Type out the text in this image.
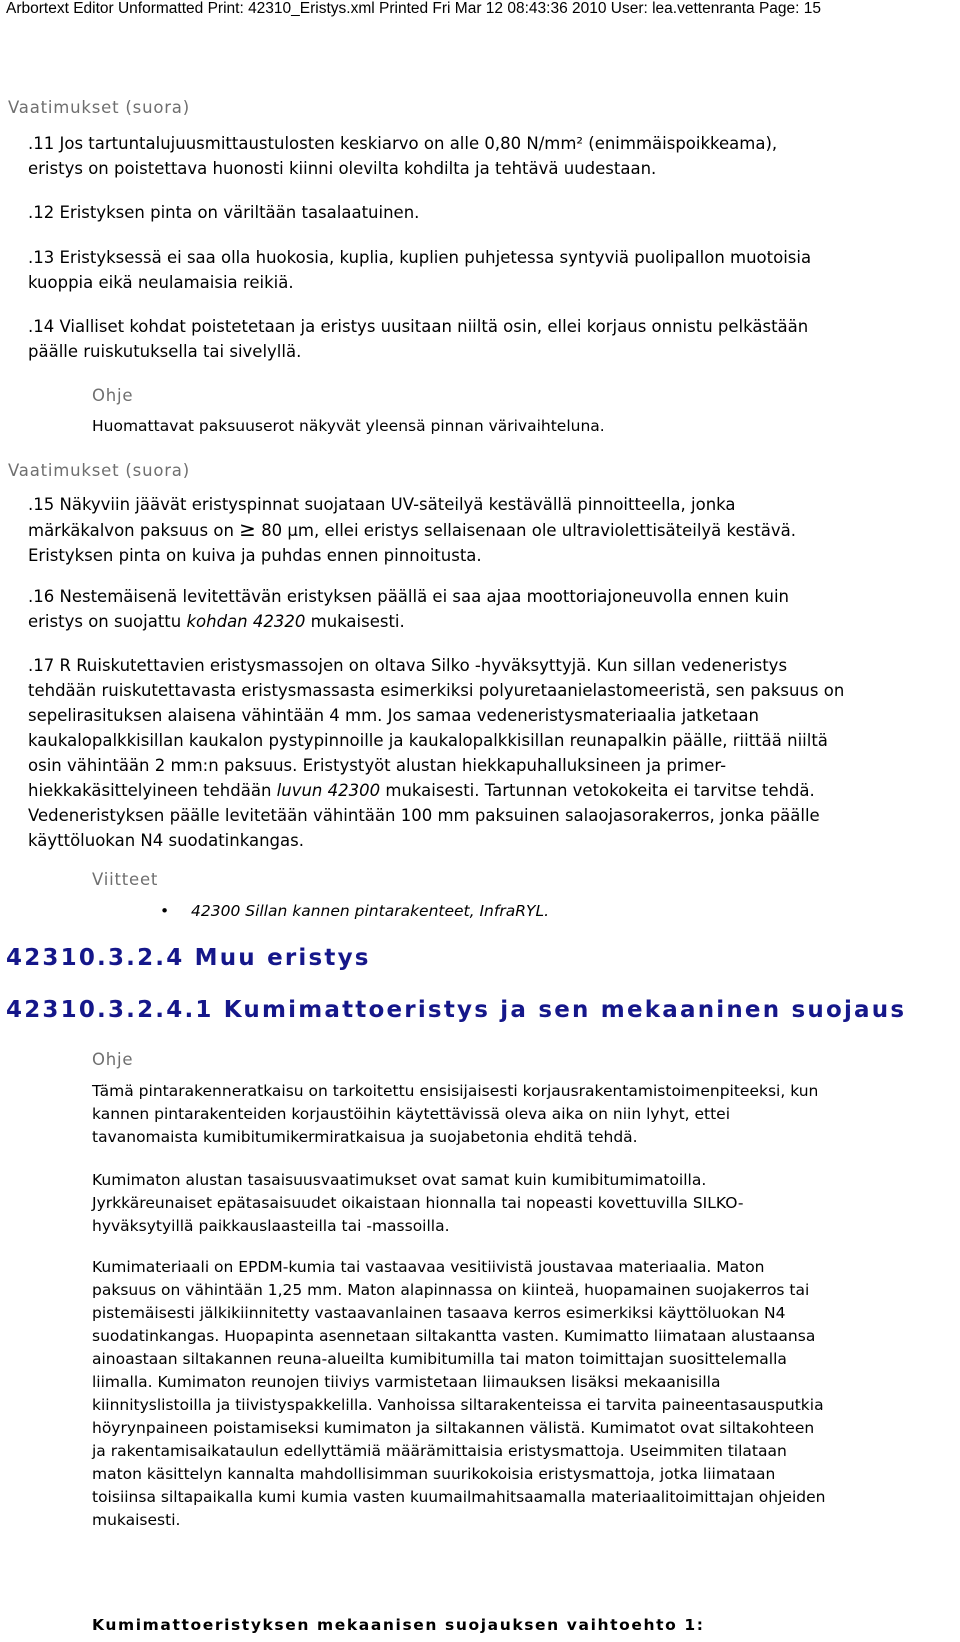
Arbortext Editor Unformatted Print: 42310_Eristys.xml Printed Fri Mar 12 08:43:36 2010 User: lea.vettenranta Page: 15
Vaatimukset (suora)
.11 Jos tartuntalujuusmittaustulosten keskiarvo on alle 0,80 N/mm² (enimmäispoikkeama),
eristys on poistettava huonosti kiinni olevilta kohdilta ja tehtävä uudestaan.
.12 Eristyksen pinta on väriltään tasalaatuinen.
.13 Eristyksessä ei saa olla huokosia, kuplia, kuplien puhjetessa syntyviä puolipallon muotoisia
kuoppia eikä neulamaisia reikiä.
.14 Vialliset kohdat poistetetaan ja eristys uusitaan niiltä osin, ellei korjaus onnistu pelkästään
päälle ruiskutuksella tai sivelyllä.
Ohje
Huomattavat paksuuserot näkyvät yleensä pinnan värivaihteluna.
Vaatimukset (suora)
.15 Näkyviin jäävät eristyspinnat suojataan UV-säteilyä kestävällä pinnoitteella, jonka
märkäkalvon paksuus on ≥ 80 µm, ellei eristys sellaisenaan ole ultraviolettisäteilyä kestävä.
Eristyksen pinta on kuiva ja puhdas ennen pinnoitusta.
.16 Nestemäisenä levitettävän eristyksen päällä ei saa ajaa moottoriajoneuvolla ennen kuin
eristys on suojattu kohdan 42320 mukaisesti.
.17 R Ruiskutettavien eristysmassojen on oltava Silko -hyväksyttyjä. Kun sillan vedeneristys
tehdään ruiskutettavasta eristysmassasta esimerkiksi polyuretaanielastomeeristä, sen paksuus on
sepelirasituksen alaisena vähintään 4 mm. Jos samaa vedeneristysmateriaalia jatketaan
kaukalopalkkisillan kaukalon pystypinnoille ja kaukalopalkkisillan reunapalkin päälle, riittää niiltä
osin vähintään 2 mm:n paksuus. Eristystyöt alustan hiekkapuhalluksineen ja primer-
hiekkakäsittelyineen tehdään luvun 42300 mukaisesti. Tartunnan vetokokeita ei tarvitse tehdä.
Vedeneristyksen päälle levitetään vähintään 100 mm paksuinen salaojasorakerros, jonka päälle
käyttöluokan N4 suodatinkangas.
Viitteet
• 42300 Sillan kannen pintarakenteet, InfraRYL.
42310.3.2.4 Muu eristys
42310.3.2.4.1 Kumimattoeristys ja sen mekaaninen suojaus
Ohje
Tämä pintarakenneratkaisu on tarkoitettu ensisijaisesti korjausrakentamistoimenpiteeksi, kun
kannen pintarakenteiden korjaustöihin käytettävissä oleva aika on niin lyhyt, ettei
tavanomaista kumibitumikermiratkaisua ja suojabetonia ehditä tehdä.
Kumimaton alustan tasaisuusvaatimukset ovat samat kuin kumibitumimatoilla.
Jyrkkäreunaiset epätasaisuudet oikaistaan hionnalla tai nopeasti kovettuvilla SILKO-
hyväksytyillä paikkauslaasteilla tai -massoilla.
Kumimateriaali on EPDM-kumia tai vastaavaa vesitiivistä joustavaa materiaalia. Maton
paksuus on vähintään 1,25 mm. Maton alapinnassa on kiinteä, huopamainen suojakerros tai
pistemäisesti jälkikiinnitetty vastaavanlainen tasaava kerros esimerkiksi käyttöluokan N4
suodatinkangas. Huopapinta asennetaan siltakantta vasten. Kumimatto liimataan alustaansa
ainoastaan siltakannen reuna-alueilta kumibitumilla tai maton toimittajan suosittelemalla
liimalla. Kumimaton reunojen tiiviys varmistetaan liimauksen lisäksi mekaanisilla
kiinnityslistoilla ja tiivistyspakkelilla. Vanhoissa siltarakenteissa ei tarvita paineentasausputkia
höyrynpaineen poistamiseksi kumimaton ja siltakannen välistä. Kumimatot ovat siltakohteen
ja rakentamisaikataulun edellyttämiä määrämittaisia eristysmattoja. Useimmiten tilataan
maton käsittelyn kannalta mahdollisimman suurikokoisia eristysmattoja, jotka liimataan
toisiinsa siltapaikalla kumi kumia vasten kuumailmahitsaamalla materiaalitoimittajan ohjeiden
mukaisesti.
Kumimattoeristyksen mekaanisen suojauksen vaihtoehto 1:
